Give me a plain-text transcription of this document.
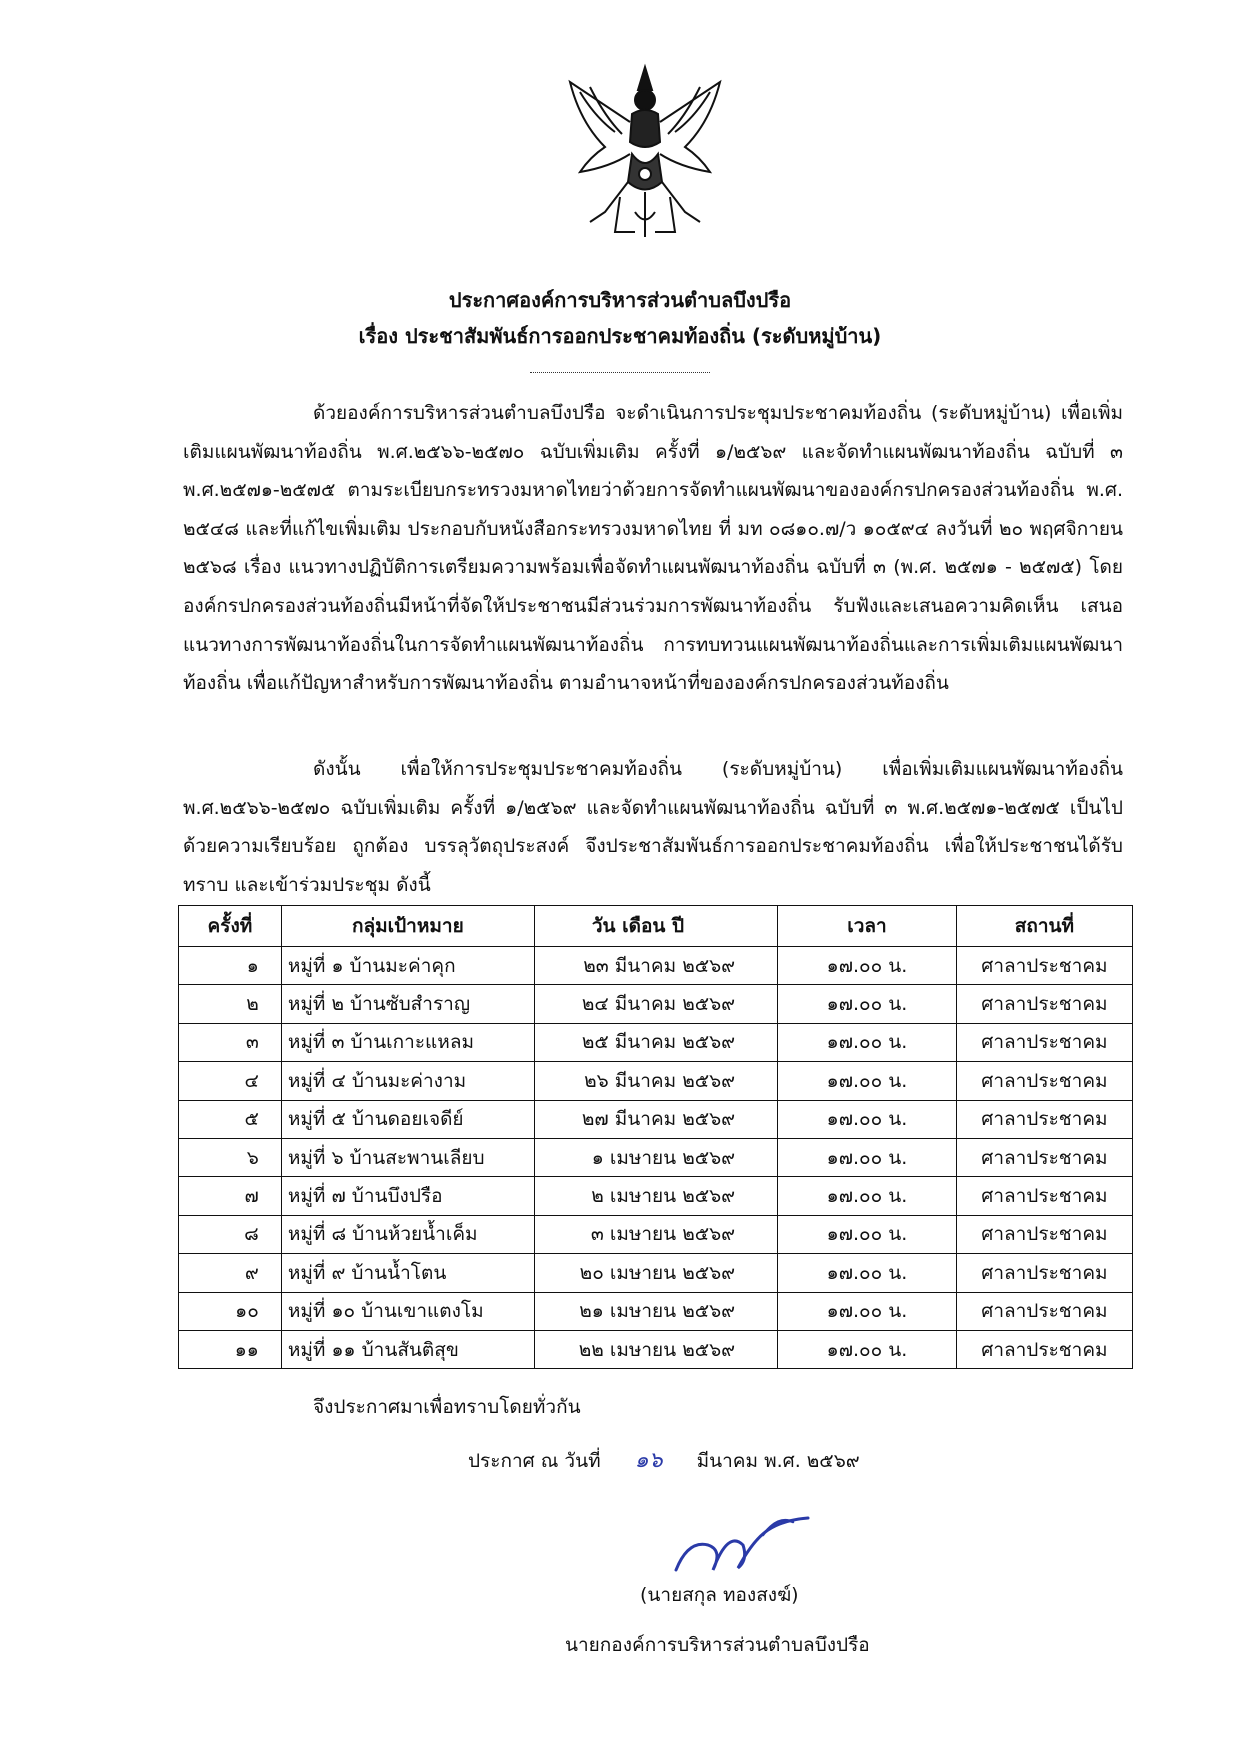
ประกาศองค์การบริหารส่วนตำบลบึงปรือ
เรื่อง ประชาสัมพันธ์การออกประชาคมท้องถิ่น (ระดับหมู่บ้าน)

ด้วยองค์การบริหารส่วนตำบลบึงปรือ จะดำเนินการประชุมประชาคมท้องถิ่น (ระดับหมู่บ้าน) เพื่อเพิ่มเติมแผนพัฒนาท้องถิ่น พ.ศ.๒๕๖๖-๒๕๗๐ ฉบับเพิ่มเติม ครั้งที่ ๑/๒๕๖๙ และจัดทำแผนพัฒนาท้องถิ่น ฉบับที่ ๓ พ.ศ.๒๕๗๑-๒๕๗๕ ตามระเบียบกระทรวงมหาดไทยว่าด้วยการจัดทำแผนพัฒนาขององค์กรปกครองส่วนท้องถิ่น พ.ศ. ๒๕๔๘ และที่แก้ไขเพิ่มเติม ประกอบกับหนังสือกระทรวงมหาดไทย ที่ มท ๐๘๑๐.๗/ว ๑๐๕๙๔ ลงวันที่ ๒๐ พฤศจิกายน ๒๕๖๘ เรื่อง แนวทางปฏิบัติการเตรียมความพร้อมเพื่อจัดทำแผนพัฒนาท้องถิ่น ฉบับที่ ๓ (พ.ศ. ๒๕๗๑ - ๒๕๗๕) โดยองค์กรปกครองส่วนท้องถิ่นมีหน้าที่จัดให้ประชาชนมีส่วนร่วมการพัฒนาท้องถิ่น รับฟังและเสนอความคิดเห็น เสนอแนวทางการพัฒนาท้องถิ่นในการจัดทำแผนพัฒนาท้องถิ่น การทบทวนแผนพัฒนาท้องถิ่นและการเพิ่มเติมแผนพัฒนาท้องถิ่น เพื่อแก้ปัญหาสำหรับการพัฒนาท้องถิ่น ตามอำนาจหน้าที่ขององค์กรปกครองส่วนท้องถิ่น

ดังนั้น เพื่อให้การประชุมประชาคมท้องถิ่น (ระดับหมู่บ้าน) เพื่อเพิ่มเติมแผนพัฒนาท้องถิ่น พ.ศ.๒๕๖๖-๒๕๗๐ ฉบับเพิ่มเติม ครั้งที่ ๑/๒๕๖๙ และจัดทำแผนพัฒนาท้องถิ่น ฉบับที่ ๓ พ.ศ.๒๕๗๑-๒๕๗๕ เป็นไปด้วยความเรียบร้อย ถูกต้อง บรรลุวัตถุประสงค์ จึงประชาสัมพันธ์การออกประชาคมท้องถิ่น เพื่อให้ประชาชนได้รับทราบ และเข้าร่วมประชุม ดังนี้

ครั้งที่	กลุ่มเป้าหมาย	วัน เดือน ปี	เวลา	สถานที่
๑	หมู่ที่ ๑ บ้านมะค่าคุก	๒๓ มีนาคม ๒๕๖๙	๑๗.๐๐ น.	ศาลาประชาคม
๒	หมู่ที่ ๒ บ้านซับสำราญ	๒๔ มีนาคม ๒๕๖๙	๑๗.๐๐ น.	ศาลาประชาคม
๓	หมู่ที่ ๓ บ้านเกาะแหลม	๒๕ มีนาคม ๒๕๖๙	๑๗.๐๐ น.	ศาลาประชาคม
๔	หมู่ที่ ๔ บ้านมะค่างาม	๒๖ มีนาคม ๒๕๖๙	๑๗.๐๐ น.	ศาลาประชาคม
๕	หมู่ที่ ๕ บ้านดอยเจดีย์	๒๗ มีนาคม ๒๕๖๙	๑๗.๐๐ น.	ศาลาประชาคม
๖	หมู่ที่ ๖ บ้านสะพานเลียบ	๑ เมษายน ๒๕๖๙	๑๗.๐๐ น.	ศาลาประชาคม
๗	หมู่ที่ ๗ บ้านบึงปรือ	๒ เมษายน ๒๕๖๙	๑๗.๐๐ น.	ศาลาประชาคม
๘	หมู่ที่ ๘ บ้านห้วยน้ำเค็ม	๓ เมษายน ๒๕๖๙	๑๗.๐๐ น.	ศาลาประชาคม
๙	หมู่ที่ ๙ บ้านน้ำโตน	๒๐ เมษายน ๒๕๖๙	๑๗.๐๐ น.	ศาลาประชาคม
๑๐	หมู่ที่ ๑๐ บ้านเขาแตงโม	๒๑ เมษายน ๒๕๖๙	๑๗.๐๐ น.	ศาลาประชาคม
๑๑	หมู่ที่ ๑๑ บ้านสันติสุข	๒๒ เมษายน ๒๕๖๙	๑๗.๐๐ น.	ศาลาประชาคม
จึงประกาศมาเพื่อทราบโดยทั่วกัน
ประกาศ ณ วันที่ ๑๖ มีนาคม พ.ศ. ๒๕๖๙
(นายสกุล ทองสงฆ์)
นายกองค์การบริหารส่วนตำบลบึงปรือ
